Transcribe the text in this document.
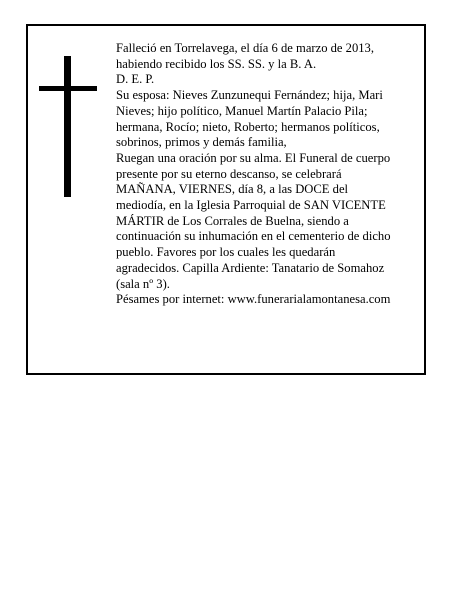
Falleció en Torrelavega, el día 6 de marzo de 2013,
habiendo recibido los SS. SS. y la B. A.
D. E. P.
Su esposa: Nieves Zunzunequi Fernández; hija, Mari
Nieves; hijo político, Manuel Martín Palacio Pila;
hermana, Rocío; nieto, Roberto; hermanos políticos,
sobrinos, primos y demás familia,
Ruegan una oración por su alma. El Funeral de cuerpo
presente por su eterno descanso, se celebrará
MAÑANA, VIERNES, día 8, a las DOCE del
mediodía, en la Iglesia Parroquial de SAN VICENTE
MÁRTIR de Los Corrales de Buelna, siendo a
continuación su inhumación en el cementerio de dicho
pueblo. Favores por los cuales les quedarán
agradecidos. Capilla Ardiente: Tanatario de Somahoz
(sala nº 3).
Pésames por internet: www.funerarialamontanesa.com
